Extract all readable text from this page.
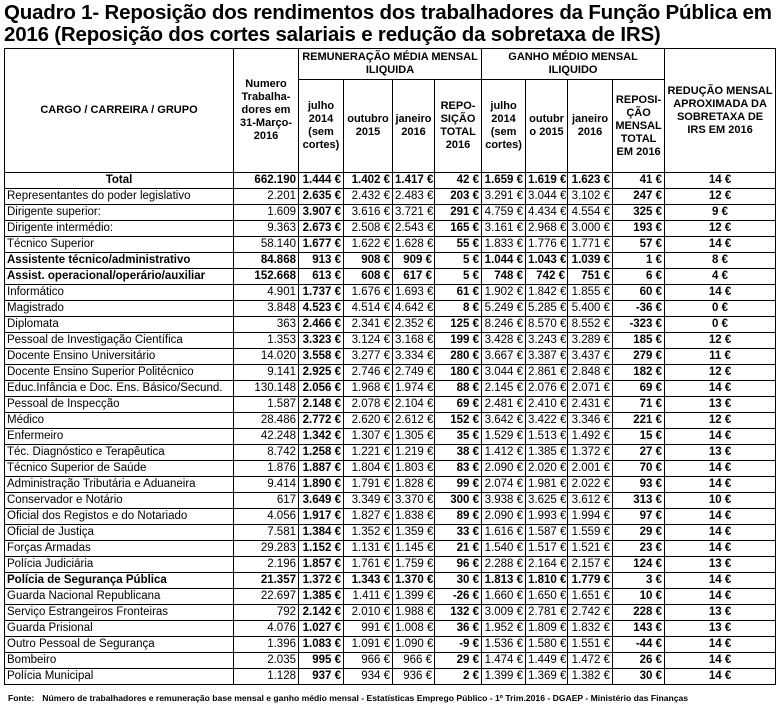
Quadro 1- Reposição dos rendimentos dos trabalhadores da Função Pública em 2016 (Reposição dos cortes salariais e redução da sobretaxa de IRS)
CARGO / CARREIRA / GRUPO	Numero Trabalha-dores em 31-Março-2016	REMUNERAÇÃO MÉDIA MENSAL ILIQUIDA				GANHO MÉDIO MENSAL ILIQUIDO				REDUÇÃO MENSAL APROXIMADA DA SOBRETAXA DE IRS EM 2016
		julho 2014 (sem cortes)	outubro 2015	janeiro 2016	REPO-SIÇÃO TOTAL 2016	julho 2014 (sem cortes)	outubr o 2015	janeiro 2016	REPOSI-ÇÃO MENSAL TOTAL EM 2016	
Total	662.190	1.444 €	1.402 €	1.417 €	42 €	1.659 €	1.619 €	1.623 €	41 €	14 €
Representantes do poder legislativo	2.201	2.635 €	2.432 €	2.483 €	203 €	3.291 €	3.044 €	3.102 €	247 €	12 €
Dirigente superior:	1.609	3.907 €	3.616 €	3.721 €	291 €	4.759 €	4.434 €	4.554 €	325 €	9 €
Dirigente intermédio:	9.363	2.673 €	2.508 €	2.543 €	165 €	3.161 €	2.968 €	3.000 €	193 €	12 €
Técnico Superior	58.140	1.677 €	1.622 €	1.628 €	55 €	1.833 €	1.776 €	1.771 €	57 €	14 €
Assistente técnico/administrativo	84.868	913 €	908 €	909 €	5 €	1.044 €	1.043 €	1.039 €	1 €	8 €
Assist. operacional/operário/auxiliar	152.668	613 €	608 €	617 €	5 €	748 €	742 €	751 €	6 €	4 €
Informático	4.901	1.737 €	1.676 €	1.693 €	61 €	1.902 €	1.842 €	1.855 €	60 €	14 €
Magistrado	3.848	4.523 €	4.514 €	4.642 €	8 €	5.249 €	5.285 €	5.400 €	-36 €	0 €
Diplomata	363	2.466 €	2.341 €	2.352 €	125 €	8.246 €	8.570 €	8.552 €	-323 €	0 €
Pessoal de Investigação Científica	1.353	3.323 €	3.124 €	3.168 €	199 €	3.428 €	3.243 €	3.289 €	185 €	12 €
Docente Ensino Universitário	14.020	3.558 €	3.277 €	3.334 €	280 €	3.667 €	3.387 €	3.437 €	279 €	11 €
Docente Ensino Superior Politécnico	9.141	2.925 €	2.746 €	2.749 €	180 €	3.044 €	2.861 €	2.848 €	182 €	12 €
Educ.Infância e Doc. Ens. Básico/Secund.	130.148	2.056 €	1.968 €	1.974 €	88 €	2.145 €	2.076 €	2.071 €	69 €	14 €
Pessoal de Inspecção	1.587	2.148 €	2.078 €	2.104 €	69 €	2.481 €	2.410 €	2.431 €	71 €	13 €
Médico	28.486	2.772 €	2.620 €	2.612 €	152 €	3.642 €	3.422 €	3.346 €	221 €	12 €
Enfermeiro	42.248	1.342 €	1.307 €	1.305 €	35 €	1.529 €	1.513 €	1.492 €	15 €	14 €
Téc. Diagnóstico e Terapêutica	8.742	1.258 €	1.221 €	1.219 €	38 €	1.412 €	1.385 €	1.372 €	27 €	13 €
Técnico Superior de Saúde	1.876	1.887 €	1.804 €	1.803 €	83 €	2.090 €	2.020 €	2.001 €	70 €	14 €
Administração Tributária e Aduaneira	9.414	1.890 €	1.791 €	1.828 €	99 €	2.074 €	1.981 €	2.022 €	93 €	14 €
Conservador e Notário	617	3.649 €	3.349 €	3.370 €	300 €	3.938 €	3.625 €	3.612 €	313 €	10 €
Oficial dos Registos e do Notariado	4.056	1.917 €	1.827 €	1.838 €	89 €	2.090 €	1.993 €	1.994 €	97 €	14 €
Oficial de Justiça	7.581	1.384 €	1.352 €	1.359 €	33 €	1.616 €	1.587 €	1.559 €	29 €	14 €
Forças Armadas	29.283	1.152 €	1.131 €	1.145 €	21 €	1.540 €	1.517 €	1.521 €	23 €	14 €
Polícia Judiciária	2.196	1.857 €	1.761 €	1.759 €	96 €	2.288 €	2.164 €	2.157 €	124 €	13 €
Polícia de Segurança Pública	21.357	1.372 €	1.343 €	1.370 €	30 €	1.813 €	1.810 €	1.779 €	3 €	14 €
Guarda Nacional Republicana	22.697	1.385 €	1.411 €	1.399 €	-26 €	1.660 €	1.650 €	1.651 €	10 €	14 €
Serviço Estrangeiros Fronteiras	792	2.142 €	2.010 €	1.988 €	132 €	3.009 €	2.781 €	2.742 €	228 €	13 €
Guarda Prisional	4.076	1.027 €	991 €	1.008 €	36 €	1.952 €	1.809 €	1.832 €	143 €	13 €
Outro Pessoal de Segurança	1.396	1.083 €	1.091 €	1.090 €	-9 €	1.536 €	1.580 €	1.551 €	-44 €	14 €
Bombeiro	2.035	995 €	966 €	966 €	29 €	1.474 €	1.449 €	1.472 €	26 €	14 €
Polícia Municipal	1.128	937 €	934 €	936 €	2 €	1.399 €	1.369 €	1.382 €	30 €	14 €
Fonte: Número de trabalhadores e remuneração base mensal e ganho médio mensal - Estatísticas Emprego Público - 1º Trim.2016 - DGAEP - Ministério das Finanças
